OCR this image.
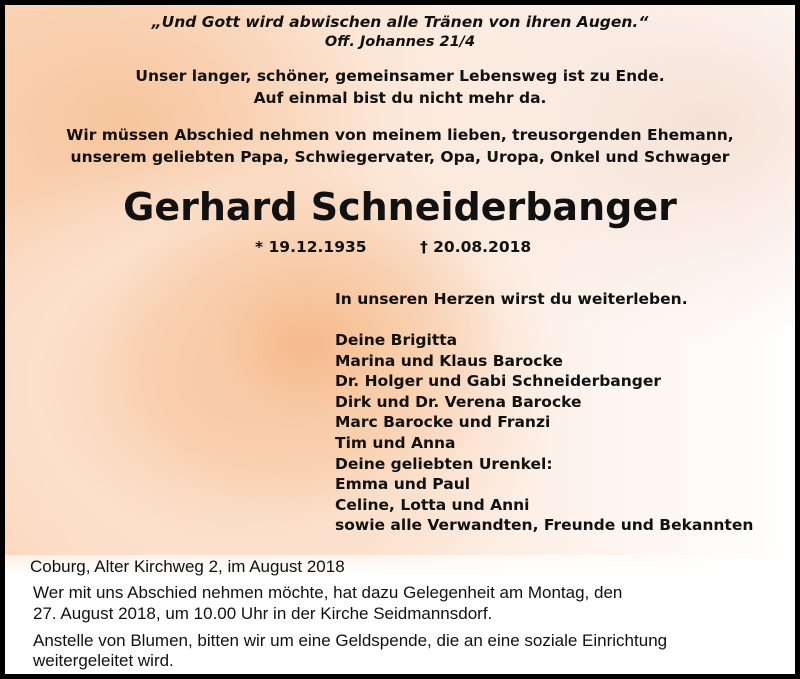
„Und Gott wird abwischen alle Tränen von ihren Augen.“
Off. Johannes 21/4
Unser langer, schöner, gemeinsamer Lebensweg ist zu Ende.
Auf einmal bist du nicht mehr da.
Wir müssen Abschied nehmen von meinem lieben, treusorgenden Ehemann,
unserem geliebten Papa, Schwiegervater, Opa, Uropa, Onkel und Schwager
Gerhard Schneiderbanger
* 19.12.1935	† 20.08.2018
In unseren Herzen wirst du weiterleben.
Deine Brigitta
Marina und Klaus Barocke
Dr. Holger und Gabi Schneiderbanger
Dirk und Dr. Verena Barocke
Marc Barocke und Franzi
Tim und Anna
Deine geliebten Urenkel:
Emma und Paul
Celine, Lotta und Anni
sowie alle Verwandten, Freunde und Bekannten
Coburg, Alter Kirchweg 2, im August 2018
Wer mit uns Abschied nehmen möchte, hat dazu Gelegenheit am Montag, den
27. August 2018, um 10.00 Uhr in der Kirche Seidmannsdorf.
Anstelle von Blumen, bitten wir um eine Geldspende, die an eine soziale Einrichtung
weitergeleitet wird.
